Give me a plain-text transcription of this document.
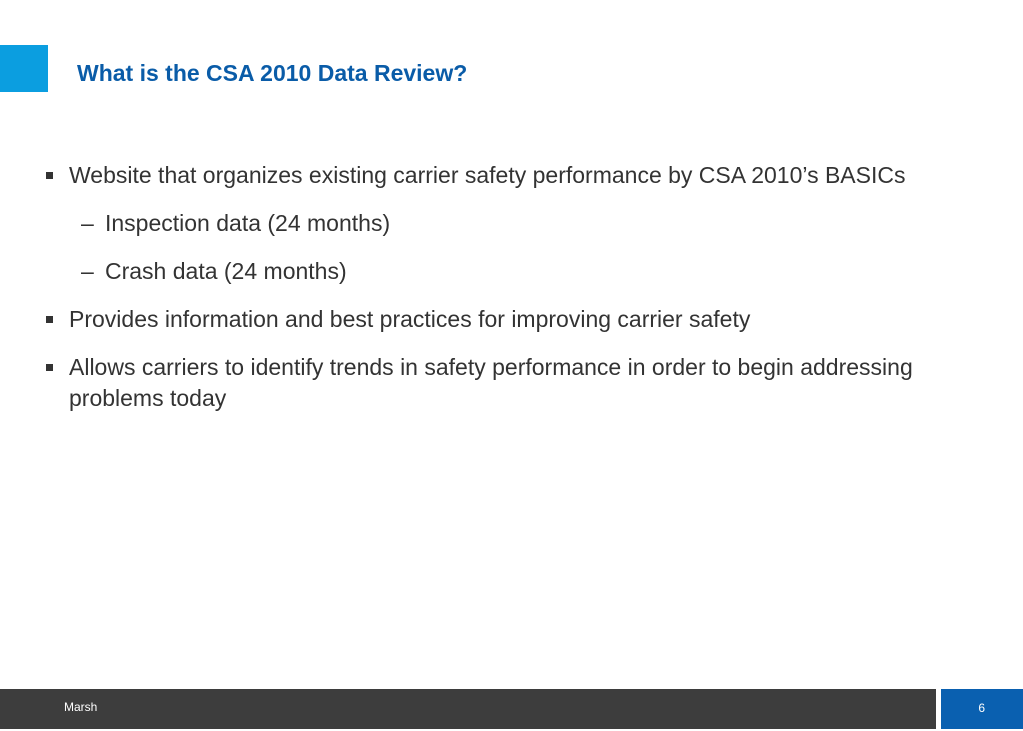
What is the CSA 2010 Data Review?
Website that organizes existing carrier safety performance by CSA 2010’s BASICs
– Inspection data (24 months)
– Crash data (24 months)
Provides information and best practices for improving carrier safety
Allows carriers to identify trends in safety performance in order to begin addressing problems today
Marsh	6
